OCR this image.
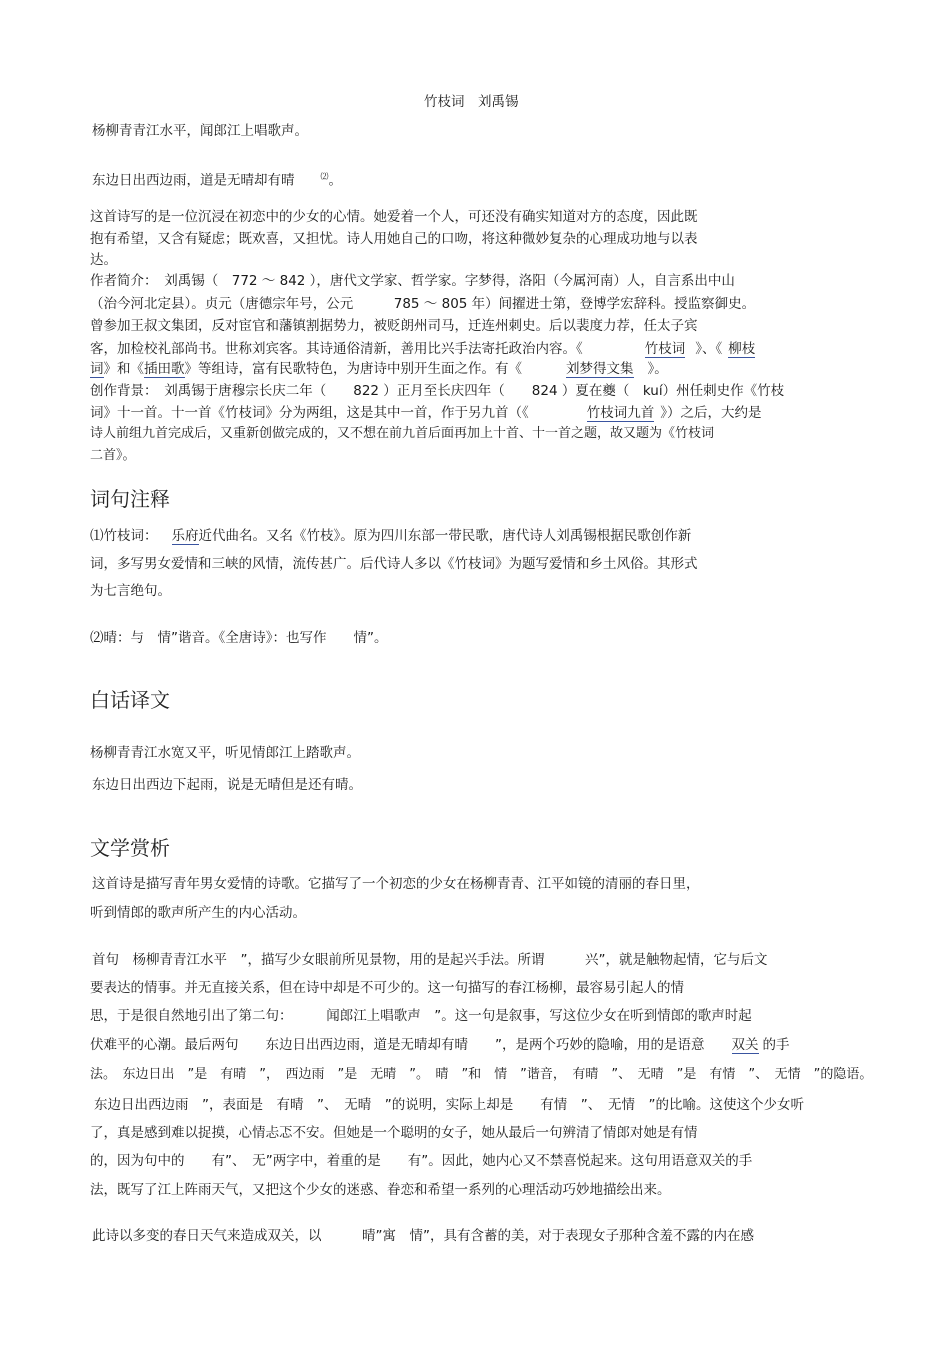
竹枝词　刘禹锡
杨柳青青江水平，闻郎江上唱歌声。
东边日出西边雨，道是无晴却有晴	⑵。
这首诗写的是一位沉浸在初恋中的少女的心情。她爱着一个人，可还没有确实知道对方的态度，因此既
抱有希望，又含有疑虑；既欢喜，又担忧。诗人用她自己的口吻，将这种微妙复杂的心理成功地与以表
达。
作者简介：　刘禹锡（　772 ～ 842 ），唐代文学家、哲学家。字梦得，洛阳（今属河南）人，自言系出中山
（治今河北定县）。贞元（唐德宗年号，公元　　　785 ～ 805 年）间擢进士第，登博学宏辞科。授监察御史。
曾参加王叔文集团，反对宦官和藩镇割据势力，被贬朗州司马，迁连州刺史。后以裴度力荐，任太子宾
客，加检校礼部尚书。世称刘宾客。其诗通俗清新，善用比兴手法寄托政治内容。《	竹枝词 》、《 柳枝
词》和《插田歌》等组诗，富有民歌特色，为唐诗中别开生面之作。有《	刘梦得文集 》。
创作背景：　刘禹锡于唐穆宗长庆二年（　　822 ）正月至长庆四年（　　824 ）夏在夔（　kuí）州任刺史作《竹枝
词》十一首。十一首《竹枝词》分为两组，这是其中一首，作于另九首（《	竹枝词九首 》）之后，大约是
诗人前组九首完成后，又重新创做完成的，又不想在前九首后面再加上十首、十一首之题，故又题为《竹枝词
二首》。
词句注释
⑴竹枝词： 乐府近代曲名。又名《竹枝》。原为四川东部一带民歌，唐代诗人刘禹锡根据民歌创作新
词，多写男女爱情和三峡的风情，流传甚广。后代诗人多以《竹枝词》为题写爱情和乡土风俗。其形式
为七言绝句。
⑵晴：与　情”谐音。《全唐诗》：也写作　　情”。
白话译文
杨柳青青江水宽又平，听见情郎江上踏歌声。
东边日出西边下起雨，说是无晴但是还有晴。
文学赏析
这首诗是描写青年男女爱情的诗歌。它描写了一个初恋的少女在杨柳青青、江平如镜的清丽的春日里，
听到情郎的歌声所产生的内心活动。
首句　杨柳青青江水平　”，描写少女眼前所见景物，用的是起兴手法。所谓　　　兴”，就是触物起情，它与后文
要表达的情事。并无直接关系，但在诗中却是不可少的。这一句描写的春江杨柳，最容易引起人的情
思，于是很自然地引出了第二句：　　　闻郎江上唱歌声　”。这一句是叙事，写这位少女在听到情郎的歌声时起
伏难平的心潮。最后两句　　东边日出西边雨，道是无晴却有晴　　”，是两个巧妙的隐喻，用的是语意　　双关 的手
法。　东边日出　”是　有晴　”，　西边雨　”是　无晴　”。　晴　”和　情　”谐音，　有晴　”、　无晴　”是　有情　”、　无情　”的隐语。
东边日出西边雨　”，表面是　有晴　”、　无晴　”的说明，实际上却是　　有情　”、　无情　”的比喻。这使这个少女听
了，真是感到难以捉摸，心情忐忑不安。但她是一个聪明的女子，她从最后一句辨清了情郎对她是有情
的，因为句中的　　有”、　无”两字中，着重的是　　有”。因此，她内心又不禁喜悦起来。这句用语意双关的手
法，既写了江上阵雨天气，又把这个少女的迷惑、眷恋和希望一系列的心理活动巧妙地描绘出来。
此诗以多变的春日天气来造成双关，以　　　晴”寓　情”，具有含蓄的美，对于表现女子那种含羞不露的内在感
